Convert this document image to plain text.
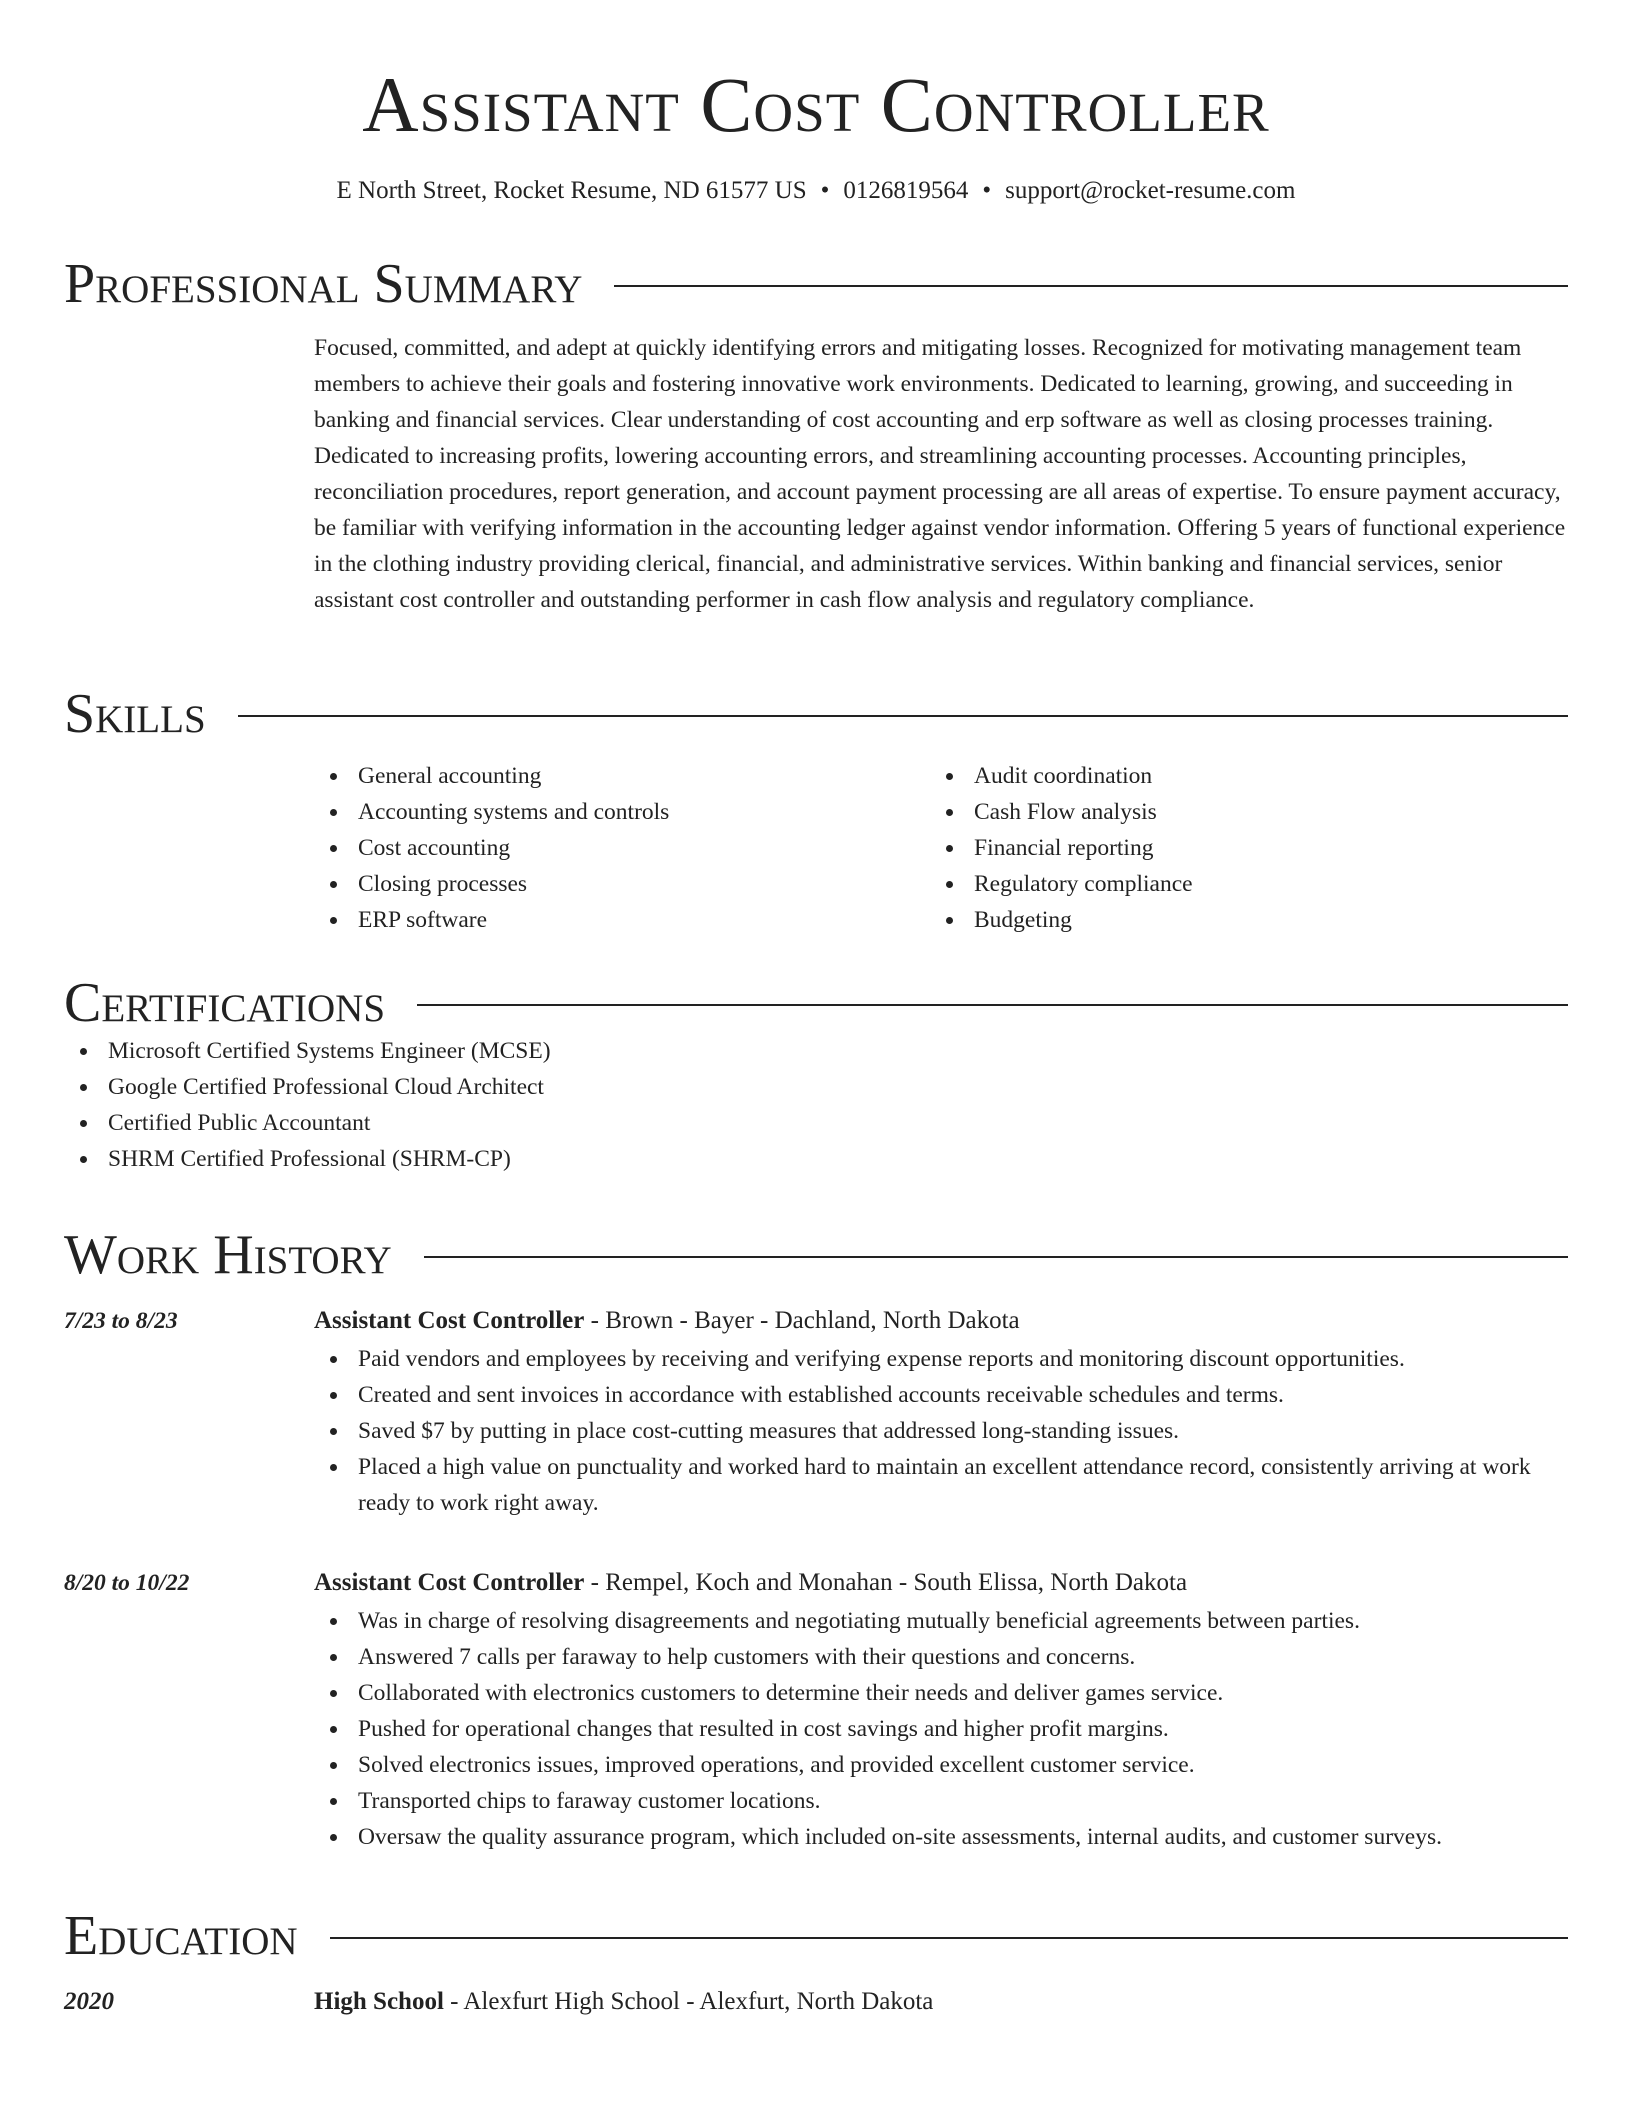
Assistant Cost Controller
E North Street, Rocket Resume, ND 61577 US • 0126819564 • support@rocket-resume.com
Professional Summary
Focused, committed, and adept at quickly identifying errors and mitigating losses. Recognized for motivating management team members to achieve their goals and fostering innovative work environments. Dedicated to learning, growing, and succeeding in banking and financial services. Clear understanding of cost accounting and erp software as well as closing processes training. Dedicated to increasing profits, lowering accounting errors, and streamlining accounting processes. Accounting principles, reconciliation procedures, report generation, and account payment processing are all areas of expertise. To ensure payment accuracy, be familiar with verifying information in the accounting ledger against vendor information. Offering 5 years of functional experience in the clothing industry providing clerical, financial, and administrative services. Within banking and financial services, senior assistant cost controller and outstanding performer in cash flow analysis and regulatory compliance.
Skills
General accounting
Accounting systems and controls
Cost accounting
Closing processes
ERP software
Audit coordination
Cash Flow analysis
Financial reporting
Regulatory compliance
Budgeting
Certifications
Microsoft Certified Systems Engineer (MCSE)
Google Certified Professional Cloud Architect
Certified Public Accountant
SHRM Certified Professional (SHRM-CP)
Work History
7/23 to 8/23	Assistant Cost Controller - Brown - Bayer - Dachland, North Dakota
Paid vendors and employees by receiving and verifying expense reports and monitoring discount opportunities.
Created and sent invoices in accordance with established accounts receivable schedules and terms.
Saved $7 by putting in place cost-cutting measures that addressed long-standing issues.
Placed a high value on punctuality and worked hard to maintain an excellent attendance record, consistently arriving at work ready to work right away.
8/20 to 10/22	Assistant Cost Controller - Rempel, Koch and Monahan - South Elissa, North Dakota
Was in charge of resolving disagreements and negotiating mutually beneficial agreements between parties.
Answered 7 calls per faraway to help customers with their questions and concerns.
Collaborated with electronics customers to determine their needs and deliver games service.
Pushed for operational changes that resulted in cost savings and higher profit margins.
Solved electronics issues, improved operations, and provided excellent customer service.
Transported chips to faraway customer locations.
Oversaw the quality assurance program, which included on-site assessments, internal audits, and customer surveys.
Education
2020	High School - Alexfurt High School - Alexfurt, North Dakota
